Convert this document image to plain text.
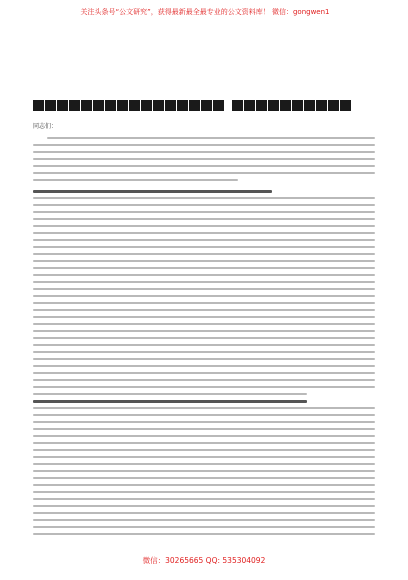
关注头条号“公文研究”，获得最新最全最专业的公文资料库！ 微信：gongwen1
同志们：
微信：30265665 QQ: 535304092
